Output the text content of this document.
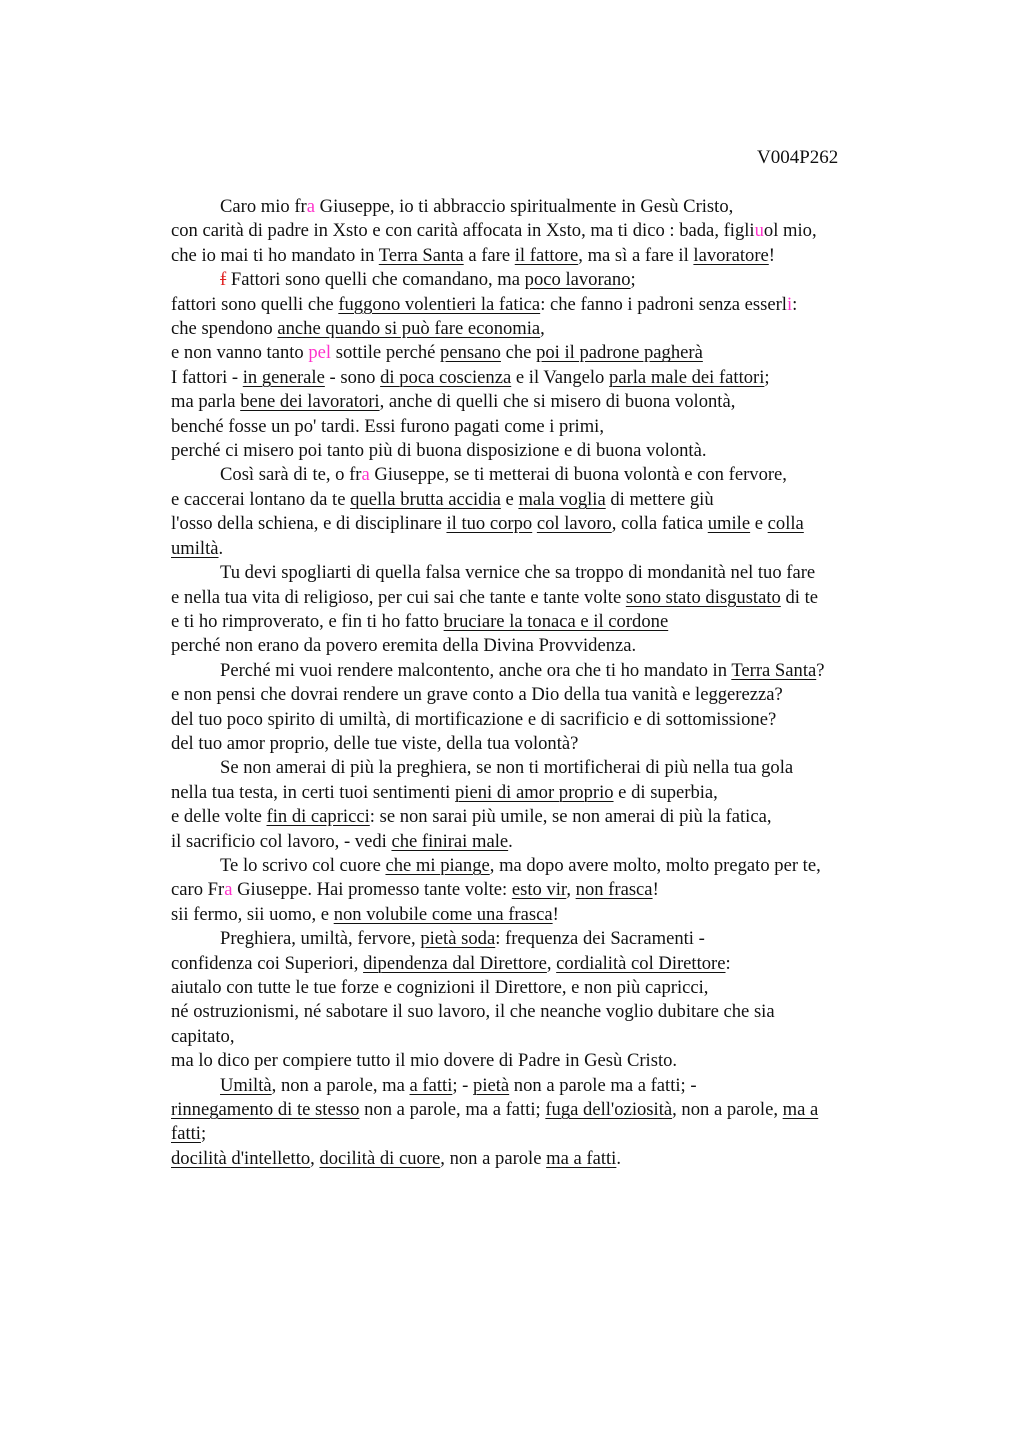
V004P262
Caro mio fra Giuseppe, io ti abbraccio spiritualmente in Gesù Cristo,
con carità di padre in Xsto e con carità affocata in Xsto, ma ti dico : bada, figliuol mio,
che io mai ti ho mandato in Terra Santa a fare il fattore, ma sì a fare il lavoratore!
f Fattori sono quelli che comandano, ma poco lavorano;
fattori sono quelli che fuggono volentieri la fatica: che fanno i padroni senza esserli:
che spendono anche quando si può fare economia,
e non vanno tanto pel sottile perché pensano che poi il padrone pagherà
I fattori - in generale - sono di poca coscienza e il Vangelo parla male dei fattori;
ma parla bene dei lavoratori, anche di quelli che si misero di buona volontà,
benché fosse un po' tardi. Essi furono pagati come i primi,
perché ci misero poi tanto più di buona disposizione e di buona volontà.
Così sarà di te, o fra Giuseppe, se ti metterai di buona volontà e con fervore,
e caccerai lontano da te quella brutta accidia e mala voglia di mettere giù
l'osso della schiena, e di disciplinare il tuo corpo col lavoro, colla fatica umile e colla
umiltà.
Tu devi spogliarti di quella falsa vernice che sa troppo di mondanità nel tuo fare
e nella tua vita di religioso, per cui sai che tante e tante volte sono stato disgustato di te
e ti ho rimproverato, e fin ti ho fatto bruciare la tonaca e il cordone
perché non erano da povero eremita della Divina Provvidenza.
Perché mi vuoi rendere malcontento, anche ora che ti ho mandato in Terra Santa?
e non pensi che dovrai rendere un grave conto a Dio della tua vanità e leggerezza?
del tuo poco spirito di umiltà, di mortificazione e di sacrificio e di sottomissione?
del tuo amor proprio, delle tue viste, della tua volontà?
Se non amerai di più la preghiera, se non ti mortificherai di più nella tua gola
nella tua testa, in certi tuoi sentimenti pieni di amor proprio e di superbia,
e delle volte fin di capricci: se non sarai più umile, se non amerai di più la fatica,
il sacrificio col lavoro, - vedi che finirai male.
Te lo scrivo col cuore che mi piange, ma dopo avere molto, molto pregato per te,
caro Fra Giuseppe. Hai promesso tante volte: esto vir, non frasca!
sii fermo, sii uomo, e non volubile come una frasca!
Preghiera, umiltà, fervore, pietà soda: frequenza dei Sacramenti -
confidenza coi Superiori, dipendenza dal Direttore, cordialità col Direttore:
aiutalo con tutte le tue forze e cognizioni il Direttore, e non più capricci,
né ostruzionismi, né sabotare il suo lavoro, il che neanche voglio dubitare che sia
capitato,
ma lo dico per compiere tutto il mio dovere di Padre in Gesù Cristo.
Umiltà, non a parole, ma a fatti; - pietà non a parole ma a fatti; -
rinnegamento di te stesso non a parole, ma a fatti; fuga dell'oziosità, non a parole, ma a
fatti;
docilità d'intelletto, docilità di cuore, non a parole ma a fatti.
